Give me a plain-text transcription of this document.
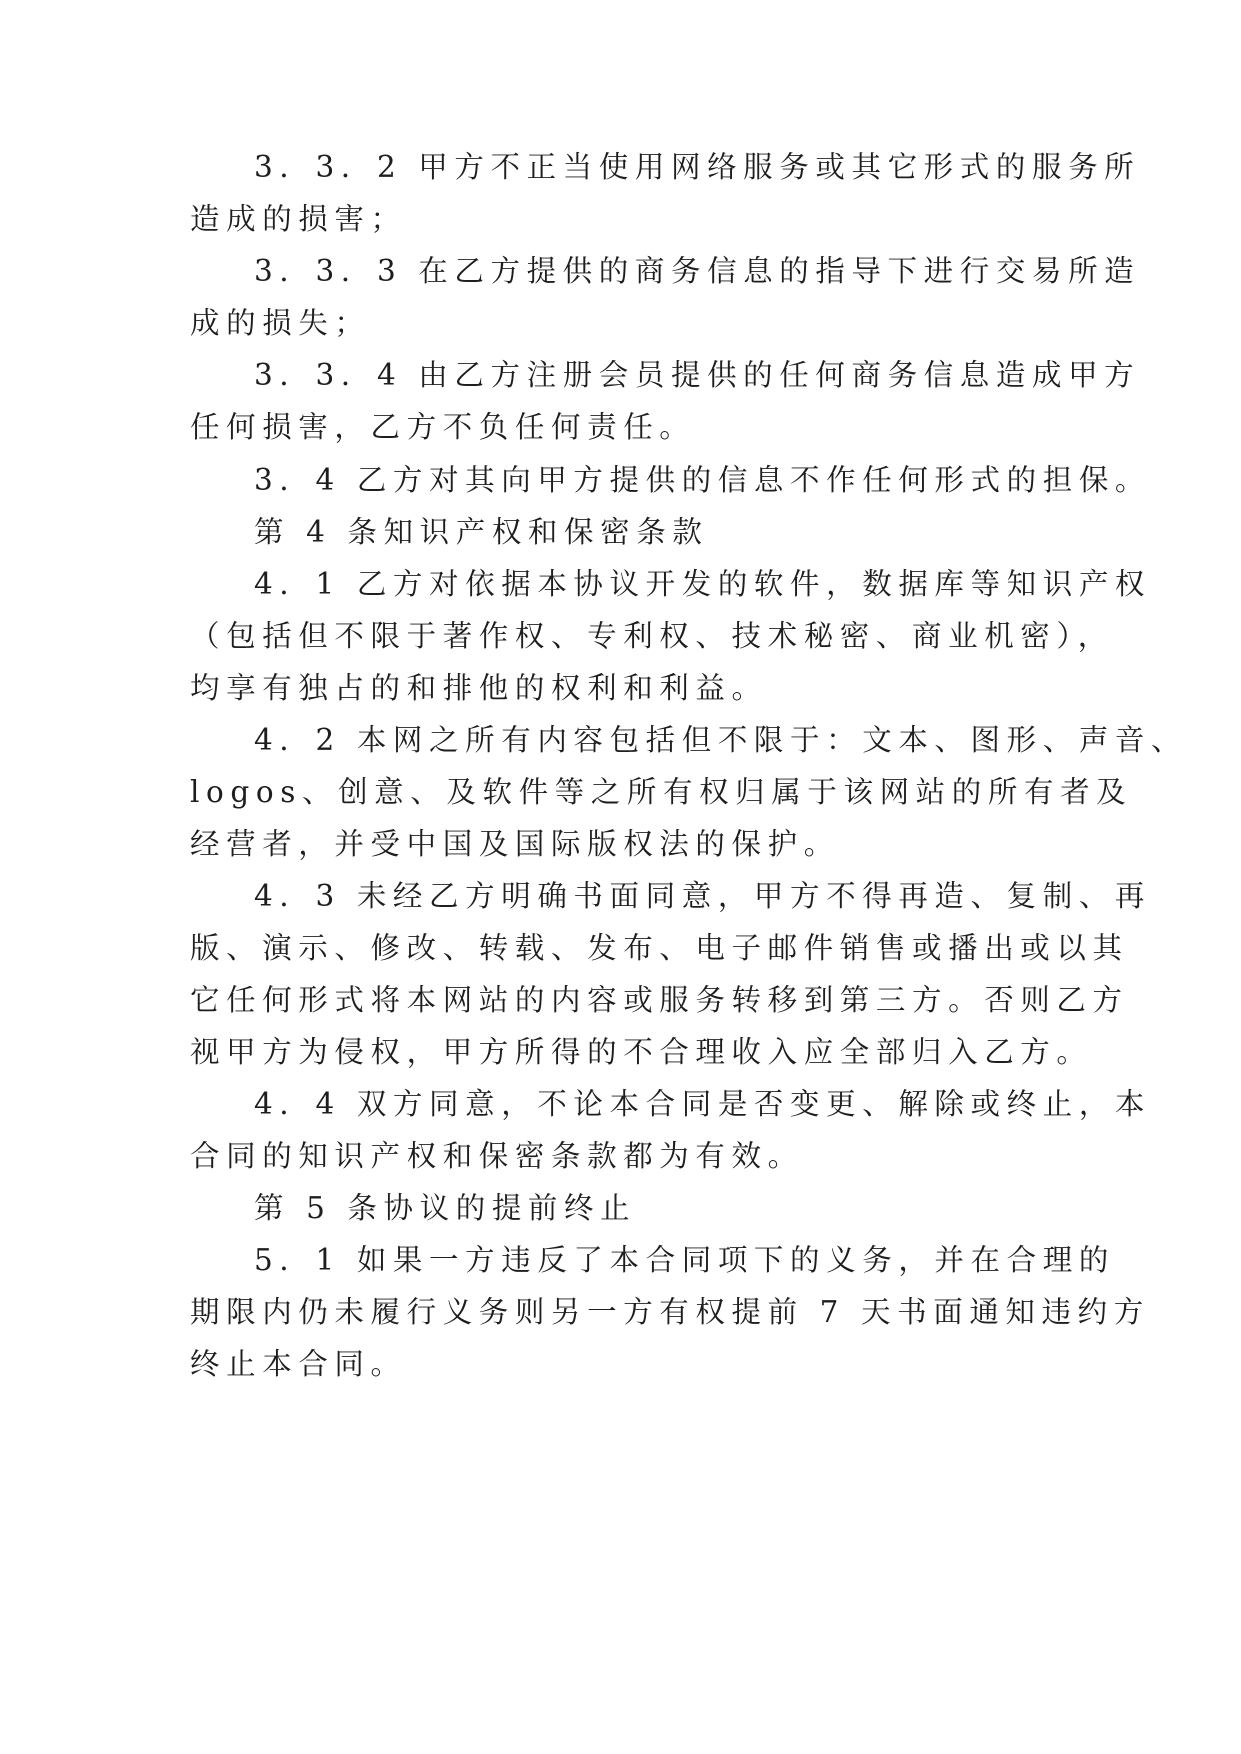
3．3．2 甲方不正当使用网络服务或其它形式的服务所
造成的损害；
3．3．3 在乙方提供的商务信息的指导下进行交易所造
成的损失；
3．3．4 由乙方注册会员提供的任何商务信息造成甲方
任何损害，乙方不负任何责任。
3．4 乙方对其向甲方提供的信息不作任何形式的担保。
第 4 条知识产权和保密条款
4．1 乙方对依据本协议开发的软件，数据库等知识产权
（包括但不限于著作权、专利权、技术秘密、商业机密），
均享有独占的和排他的权利和利益。
4．2 本网之所有内容包括但不限于：文本、图形、声音、
logos、创意、及软件等之所有权归属于该网站的所有者及
经营者，并受中国及国际版权法的保护。
4．3 未经乙方明确书面同意，甲方不得再造、复制、再
版、演示、修改、转载、发布、电子邮件销售或播出或以其
它任何形式将本网站的内容或服务转移到第三方。否则乙方
视甲方为侵权，甲方所得的不合理收入应全部归入乙方。
4．4 双方同意，不论本合同是否变更、解除或终止，本
合同的知识产权和保密条款都为有效。
第 5 条协议的提前终止
5．1 如果一方违反了本合同项下的义务，并在合理的
期限内仍未履行义务则另一方有权提前 7 天书面通知违约方
终止本合同。
